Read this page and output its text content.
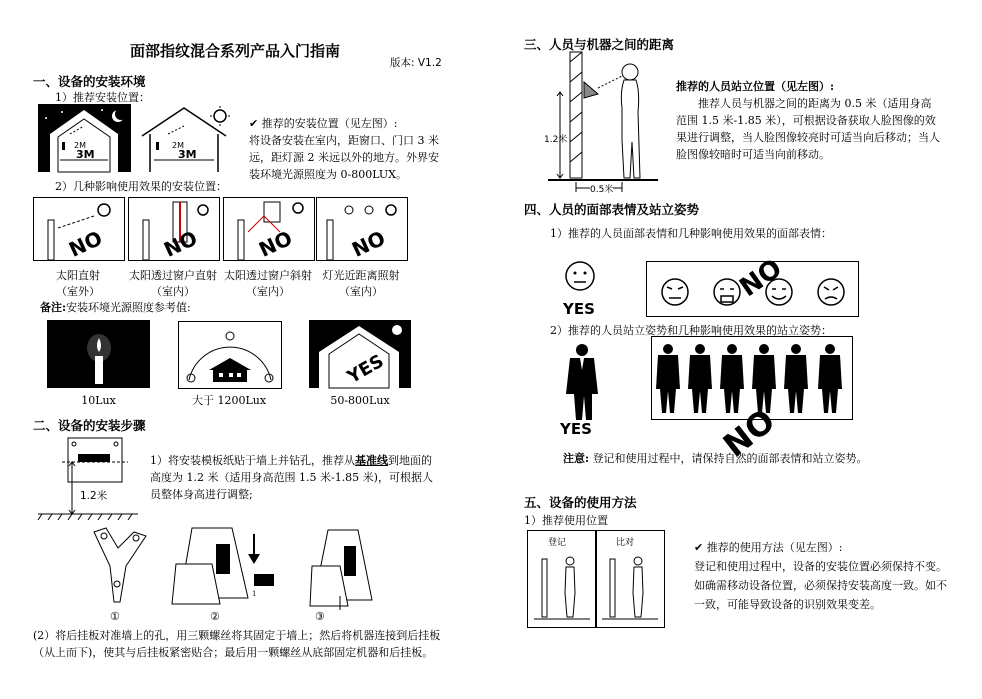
面部指纹混合系列产品入门指南
版本: V1.2
一、设备的安装环境
1）推荐安装位置：
2M
3M
2M
3M
✔ 推荐的安装位置（见左图）:
将设备安装在室内，距窗口、门口 3 米远，距灯源 2 米远以外的地方。外界安装环境光源照度为 0-800LUX。
2）几种影响使用效果的安装位置：
NO	NO	NO	NO
太阳直射
（室外）
太阳透过窗户直射
（室内）
太阳透过窗户斜射
（室内）
灯光近距离照射
（室内）
备注:安装环境光源照度参考值:
YES
10Lux	大于 1200Lux	50-800Lux
二、设备的安装步骤
1.2米
1）将安装模板纸贴于墙上并钻孔，推荐从基准线到地面的高度为 1.2 米（适用身高范围 1.5 米-1.85 米)，可根据人员整体身高进行调整;
1
①	②	③
(2）将后挂板对准墙上的孔，用三颗螺丝将其固定于墙上；然后将机器连接到后挂板（从上而下)，使其与后挂板紧密贴合；最后用一颗螺丝从底部固定机器和后挂板。
三、人员与机器之间的距离
1.2米
0.5米
推荐的人员站立位置（见左图）:
推荐人员与机器之间的距离为 0.5 米（适用身高范围 1.5 米-1.85 米），可根据设备获取人脸图像的效果进行调整，当人脸图像较亮时可适当向后移动；当人脸图像较暗时可适当向前移动。
四、人员的面部表情及站立姿势
1）推荐的人员面部表情和几种影响使用效果的面部表情：
YES
NO
2）推荐的人员站立姿势和几种影响使用效果的站立姿势：
YES	NO
注意: 登记和使用过程中，请保持自然的面部表情和站立姿势。
五、设备的使用方法
1）推荐使用位置
登记	比对	✔ 推荐的使用方法（见左图）:
登记和使用过程中，设备的安装位置必须保持不变。如确需移动设备位置，必须保持安装高度一致。如不一致，可能导致设备的识别效果变差。
